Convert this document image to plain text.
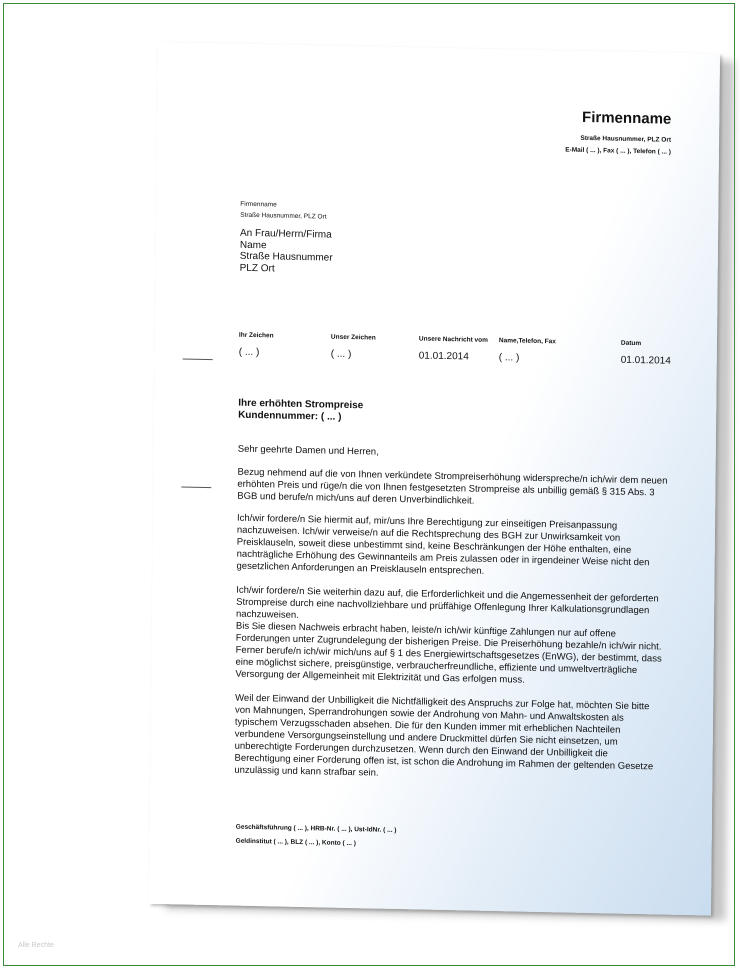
Alle Rechte
Firmenname
Straße Hausnummer, PLZ Ort
E-Mail ( ... ), Fax ( ... ), Telefon ( ... )
Firmenname
Straße Hausnummer, PLZ Ort
An Frau/Herrn/Firma
Name
Straße Hausnummer
PLZ Ort
Ihr Zeichen
( ... )
Unser Zeichen
( ... )
Unsere Nachricht vom
01.01.2014
Name,Telefon, Fax
( ... )
Datum
01.01.2014
Ihre erhöhten Strompreise
Kundennummer: ( ... )
Sehr geehrte Damen und Herren,
Bezug nehmend auf die von Ihnen verkündete Strompreiserhöhung widerspreche/n ich/wir dem neuen erhöhten Preis und rüge/n die von Ihnen festgesetzten Strompreise als unbillig gemäß § 315 Abs. 3 BGB und berufe/n mich/uns auf deren Unverbindlichkeit.
Ich/wir fordere/n Sie hiermit auf, mir/uns Ihre Berechtigung zur einseitigen Preisanpassung nachzuweisen. Ich/wir verweise/n auf die Rechtsprechung des BGH zur Unwirksamkeit von Preisklauseln, soweit diese unbestimmt sind, keine Beschränkungen der Höhe enthalten, eine nachträgliche Erhöhung des Gewinnanteils am Preis zulassen oder in irgendeiner Weise nicht den gesetzlichen Anforderungen an Preisklauseln entsprechen.
Ich/wir fordere/n Sie weiterhin dazu auf, die Erforderlichkeit und die Angemessenheit der geforderten Strompreise durch eine nachvollziehbare und prüffähige Offenlegung Ihrer Kalkulationsgrundlagen nachzuweisen.
Bis Sie diesen Nachweis erbracht haben, leiste/n ich/wir künftige Zahlungen nur auf offene Forderungen unter Zugrundelegung der bisherigen Preise. Die Preiserhöhung bezahle/n ich/wir nicht. Ferner berufe/n ich/wir mich/uns auf § 1 des Energiewirtschaftsgesetzes (EnWG), der bestimmt, dass eine möglichst sichere, preisgünstige, verbraucherfreundliche, effiziente und umweltverträgliche Versorgung der Allgemeinheit mit Elektrizität und Gas erfolgen muss.
Weil der Einwand der Unbilligkeit die Nichtfälligkeit des Anspruchs zur Folge hat, möchten Sie bitte von Mahnungen, Sperrandrohungen sowie der Androhung von Mahn- und Anwaltskosten als typischem Verzugsschaden absehen. Die für den Kunden immer mit erheblichen Nachteilen verbundene Versorgungseinstellung und andere Druckmittel dürfen Sie nicht einsetzen, um unberechtigte Forderungen durchzusetzen. Wenn durch den Einwand der Unbilligkeit die Berechtigung einer Forderung offen ist, ist schon die Androhung im Rahmen der geltenden Gesetze unzulässig und kann strafbar sein.
Geschäftsführung ( ... ), HRB-Nr. ( ... ), Ust-IdNr. ( ... )
Geldinstitut ( ... ), BLZ ( ... ), Konto ( ... )
